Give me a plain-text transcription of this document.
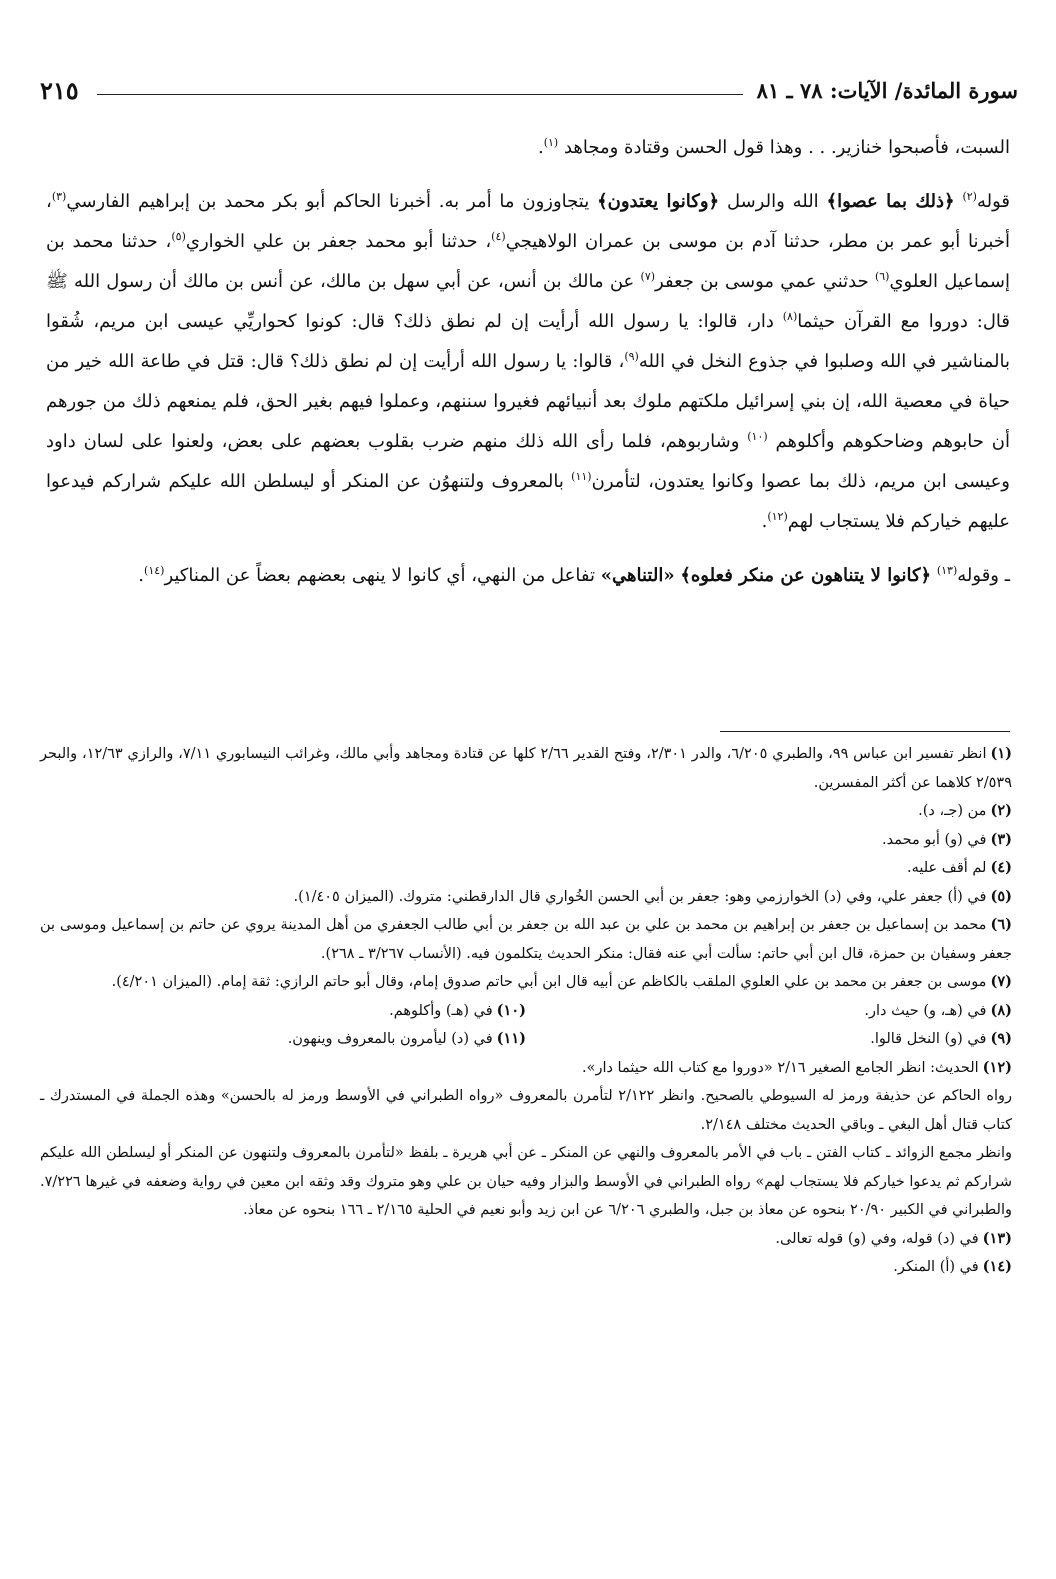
سورة المائدة/ الآيات: ٧٨ ـ ٨١
٢١٥

السبت، فأصبحوا خنازير. . . وهذا قول الحسن وقتادة ومجاهد $^{(١)}$.

قوله$^{(٢)}$ ﴿ذلك بما عصوا﴾ الله والرسل ﴿وكانوا يعتدون﴾ يتجاوزون ما أمر به. أخبرنا الحاكم أبو بكر محمد بن إبراهيم الفارسي$^{(٣)}$، أخبرنا أبو عمر بن مطر، حدثنا آدم بن موسى بن عمران الولاهيجي$^{(٤)}$، حدثنا أبو محمد جعفر بن علي الخواري$^{(٥)}$، حدثنا محمد بن إسماعيل العلوي$^{(٦)}$ حدثني عمي موسى بن جعفر$^{(٧)}$ عن مالك بن أنس، عن أبي سهل بن مالك، عن أنس بن مالك أن رسول الله ﷺ قال: دوروا مع القرآن حيثما$^{(٨)}$ دار، قالوا: يا رسول الله أرأيت إن لم نطق ذلك؟ قال: كونوا كحواريِّي عيسى ابن مريم، شُقوا بالمناشير في الله وصلبوا في جذوع النخل في الله$^{(٩)}$، قالوا: يا رسول الله أرأيت إن لم نطق ذلك؟ قال: قتل في طاعة الله خير من حياة في معصية الله، إن بني إسرائيل ملكتهم ملوك بعد أنبيائهم فغيروا سننهم، وعملوا فيهم بغير الحق، فلم يمنعهم ذلك من جورهم أن حابوهم وضاحكوهم وأكلوهم $^{(١٠)}$ وشاربوهم، فلما رأى الله ذلك منهم ضرب بقلوب بعضهم على بعض، ولعنوا على لسان داود وعيسى ابن مريم، ذلك بما عصوا وكانوا يعتدون، لتأمرن$^{(١١)}$ بالمعروف ولتنهوُن عن المنكر أو ليسلطن الله عليكم شراركم فيدعوا عليهم خياركم فلا يستجاب لهم$^{(١٢)}$.

ـ وقوله$^{(١٣)}$ ﴿كانوا لا يتناهون عن منكر فعلوه﴾ «التناهي» تفاعل من النهي، أي كانوا لا ينهى بعضهم بعضاً عن المناكير$^{(١٤)}$.

(١)انظر تفسير ابن عباس ٩٩، والطبري ٦/٢٠٥، والدر ٢/٣٠١، وفتح القدير ٢/٦٦ كلها عن قتادة ومجاهد وأبي مالك، وغرائب النيسابوري ٧/١١، والرازي ١٢/٦٣، والبحر ٢/٥٣٩ كلاهما عن أكثر المفسرين.

(٢)من (جـ، د).

(٣)في (و) أبو محمد.

(٤)لم أقف عليه.

(٥)في (أ) جعفر علي، وفي (د) الخوارزمي وهو: جعفر بن أبي الحسن الخُواري قال الدارقطني: متروك. (الميزان ١/٤٠٥).

(٦)محمد بن إسماعيل بن جعفر بن إبراهيم بن محمد بن علي بن عبد الله بن جعفر بن أبي طالب الجعفري من أهل المدينة يروي عن حاتم بن إسماعيل وموسى بن جعفر وسفيان بن حمزة، قال ابن أبي حاتم: سألت أبي عنه فقال: منكر الحديث يتكلمون فيه. (الأنساب ٣/٢٦٧ ـ ٢٦٨).

(٧)موسى بن جعفر بن محمد بن علي العلوي الملقب بالكاظم عن أبيه قال ابن أبي حاتم صدوق إمام، وقال أبو حاتم الرازي: ثقة إمام. (الميزان ٤/٢٠١).

(٨)في (هـ، و) حيث دار.

(١٠)في (هـ) وأكلوهم.

(٩)في (و) النخل قالوا.

(١١)في (د) ليأمرون بالمعروف وينهون.

(١٢)الحديث: انظر الجامع الصغير ٢/١٦ «دوروا مع كتاب الله حيثما دار».

رواه الحاكم عن حذيفة ورمز له السيوطي بالصحيح. وانظر ٢/١٢٢ لتأمرن بالمعروف «رواه الطبراني في الأوسط ورمز له بالحسن» وهذه الجملة في المستدرك ـ كتاب قتال أهل البغي ـ وباقي الحديث مختلف ٢/١٤٨.

وانظر مجمع الزوائد ـ كتاب الفتن ـ باب في الأمر بالمعروف والنهي عن المنكر ـ عن أبي هريرة ـ بلفظ «لتأمرن بالمعروف ولتنهون عن المنكر أو ليسلطن الله عليكم شراركم ثم يدعوا خياركم فلا يستجاب لهم» رواه الطبراني في الأوسط والبزار وفيه حيان بن علي وهو متروك وقد وثقه ابن معين في رواية وضعفه في غيرها ٧/٢٢٦. والطبراني في الكبير ٢٠/٩٠ بنحوه عن معاذ بن جبل، والطبري ٦/٢٠٦ عن ابن زيد وأبو نعيم في الحلية ٢/١٦٥ ـ ١٦٦ بنحوه عن معاذ.

(١٣)في (د) قوله، وفي (و) قوله تعالى.

(١٤)في (أ) المنكر.
